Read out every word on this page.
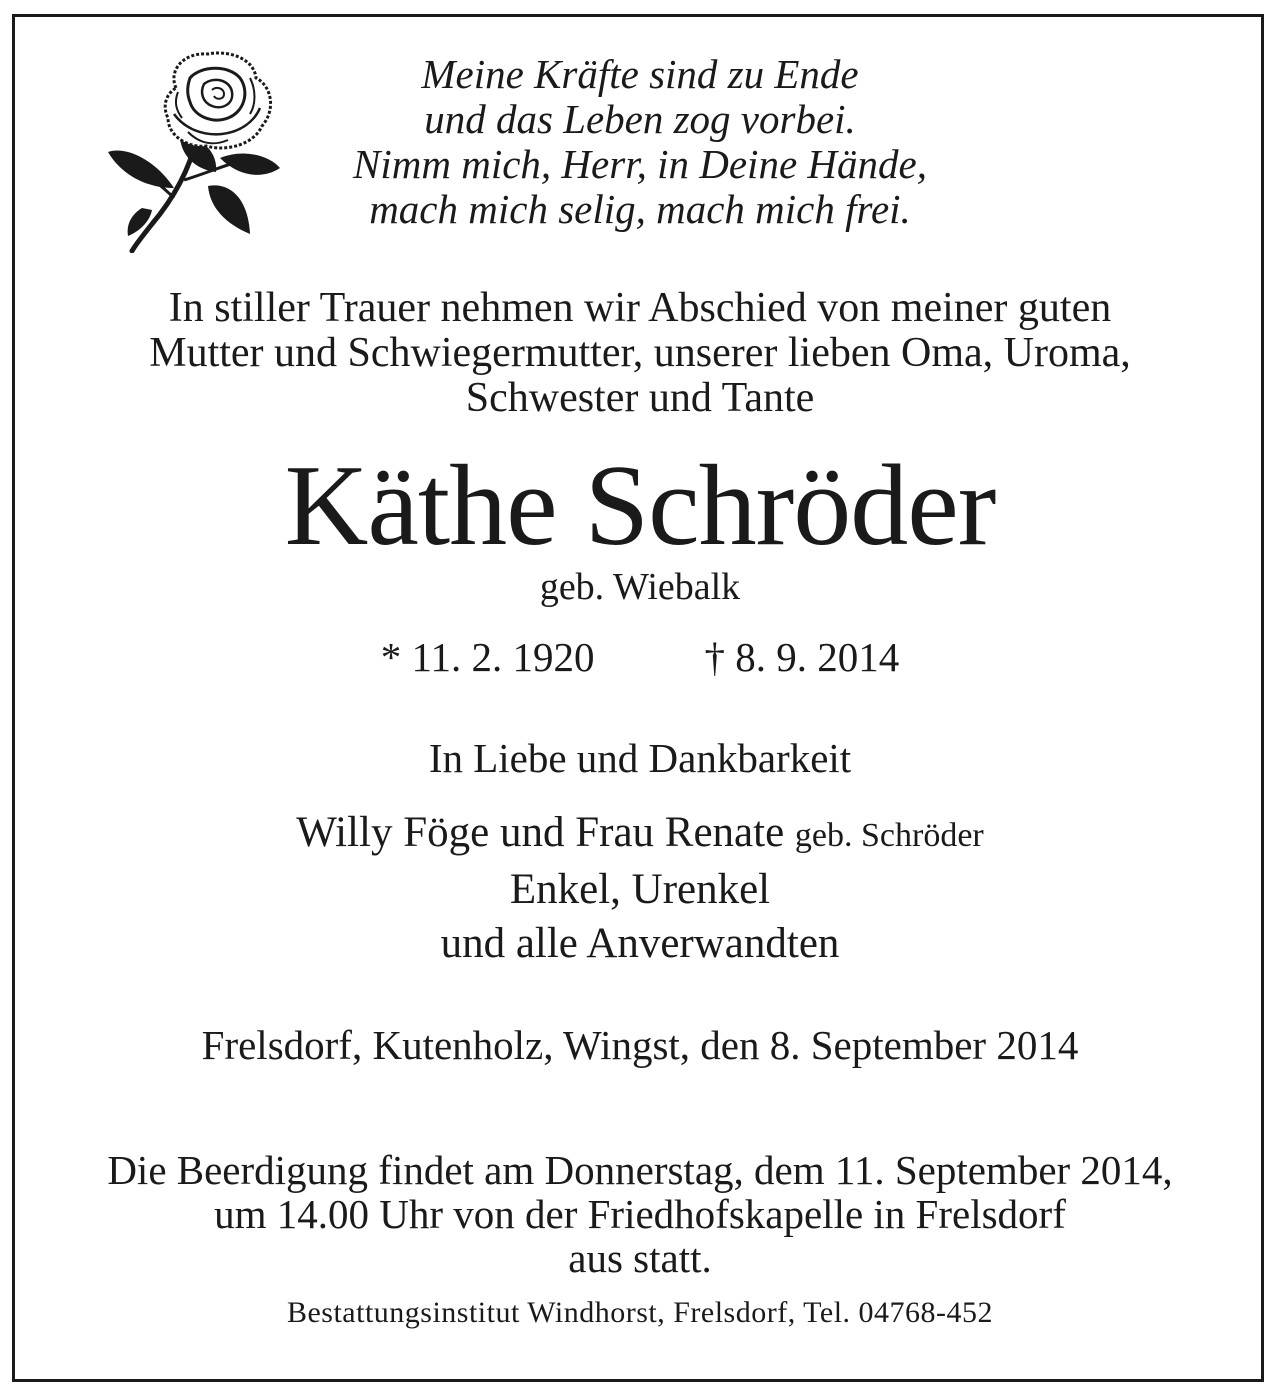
Meine Kräfte sind zu Ende
und das Leben zog vorbei.
Nimm mich, Herr, in Deine Hände,
mach mich selig, mach mich frei.
In stiller Trauer nehmen wir Abschied von meiner guten
Mutter und Schwiegermutter, unserer lieben Oma, Uroma,
Schwester und Tante
Käthe Schröder
geb. Wiebalk
* 11. 2. 1920	† 8. 9. 2014
In Liebe und Dankbarkeit
Willy Föge und Frau Renate geb. Schröder
Enkel, Urenkel
und alle Anverwandten
Frelsdorf, Kutenholz, Wingst, den 8. September 2014
Die Beerdigung findet am Donnerstag, dem 11. September 2014,
um 14.00 Uhr von der Friedhofskapelle in Frelsdorf
aus statt.
Bestattungsinstitut Windhorst, Frelsdorf, Tel. 04768-452
